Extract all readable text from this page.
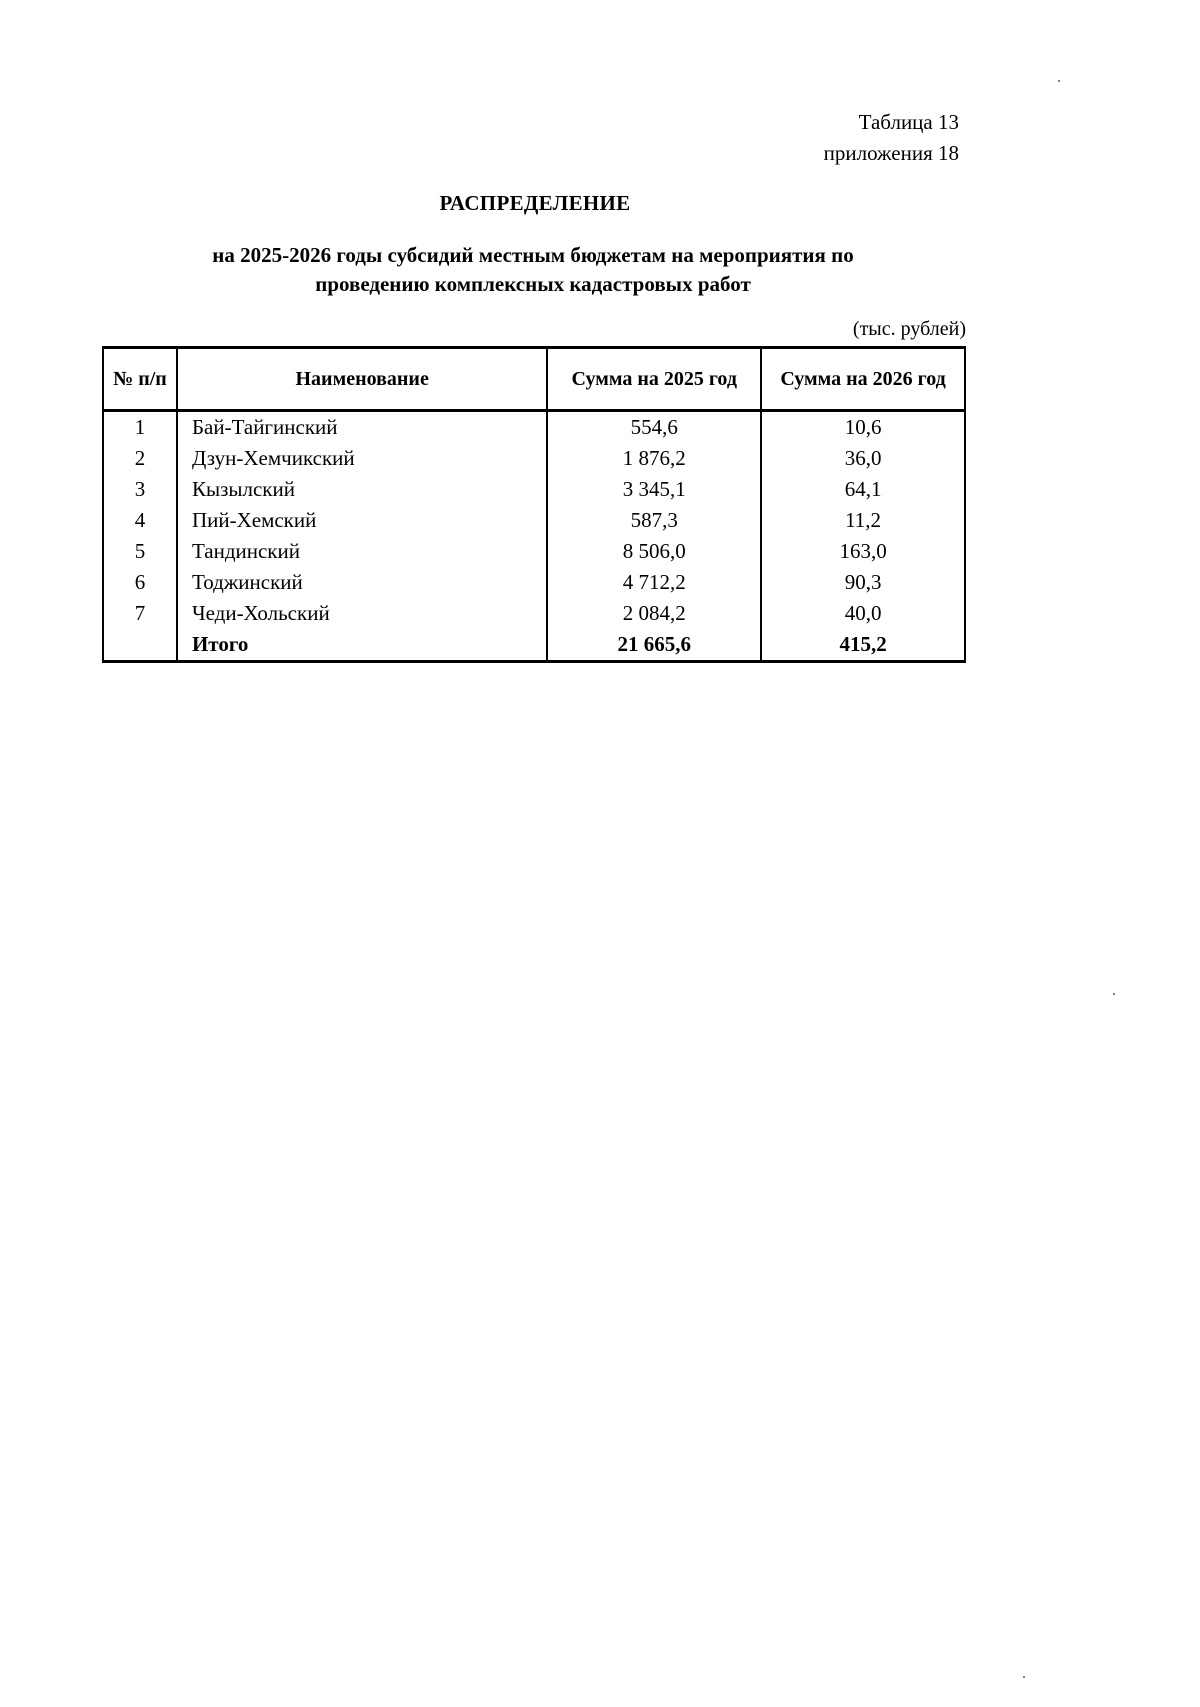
Таблица 13
приложения 18
РАСПРЕДЕЛЕНИЕ
на 2025-2026 годы субсидий местным бюджетам на мероприятия по
проведению комплексных кадастровых работ
(тыс. рублей)
№ п/п	Наименование	Сумма на 2025 год	Сумма на 2026 год
1	Бай-Тайгинский	554,6	10,6
2	Дзун-Хемчикский	1 876,2	36,0
3	Кызылский	3 345,1	64,1
4	Пий-Хемский	587,3	11,2
5	Тандинский	8 506,0	163,0
6	Тоджинский	4 712,2	90,3
7	Чеди-Хольский	2 084,2	40,0
	Итого	21 665,6	415,2
